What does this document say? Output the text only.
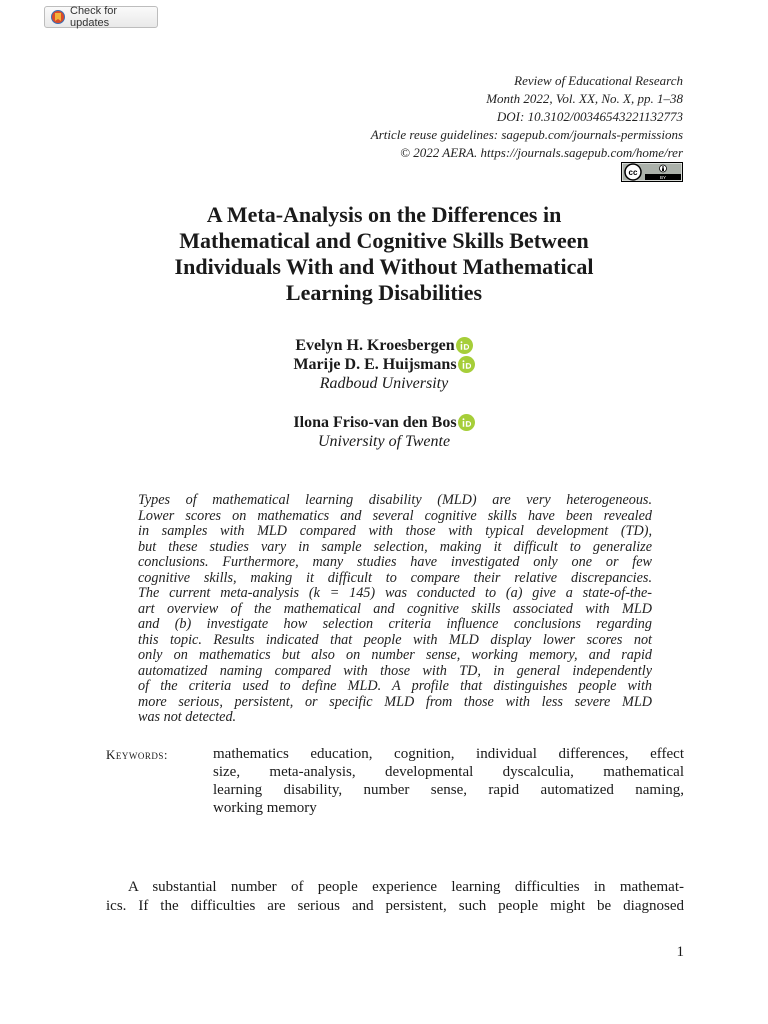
Check for updates
Review of Educational Research
Month 2022, Vol. XX, No. X, pp. 1–38
DOI: 10.3102/00346543221132773
Article reuse guidelines: sagepub.com/journals-permissions
© 2022 AERA. https://journals.sagepub.com/home/rer
cc
BY
A Meta-Analysis on the Differences in
Mathematical and Cognitive Skills Between
Individuals With and Without Mathematical
Learning Disabilities
Evelyn H. Kroesbergen
Marije D. E. Huijsmans
Radboud University
Ilona Friso-van den Bos
University of Twente
Types of mathematical learning disability (MLD) are very heterogeneous.
Lower scores on mathematics and several cognitive skills have been revealed
in samples with MLD compared with those with typical development (TD),
but these studies vary in sample selection, making it difficult to generalize
conclusions. Furthermore, many studies have investigated only one or few
cognitive skills, making it difficult to compare their relative discrepancies.
The current meta-analysis (k = 145) was conducted to (a) give a state-of-the-
art overview of the mathematical and cognitive skills associated with MLD
and (b) investigate how selection criteria influence conclusions regarding
this topic. Results indicated that people with MLD display lower scores not
only on mathematics but also on number sense, working memory, and rapid
automatized naming compared with those with TD, in general independently
of the criteria used to define MLD. A profile that distinguishes people with
more serious, persistent, or specific MLD from those with less severe MLD
was not detected.
Keywords:	mathematics education, cognition, individual differences, effect
size, meta-analysis, developmental dyscalculia, mathematical
learning disability, number sense, rapid automatized naming,
working memory
A substantial number of people experience learning difficulties in mathemat-
ics. If the difficulties are serious and persistent, such people might be diagnosed
1
